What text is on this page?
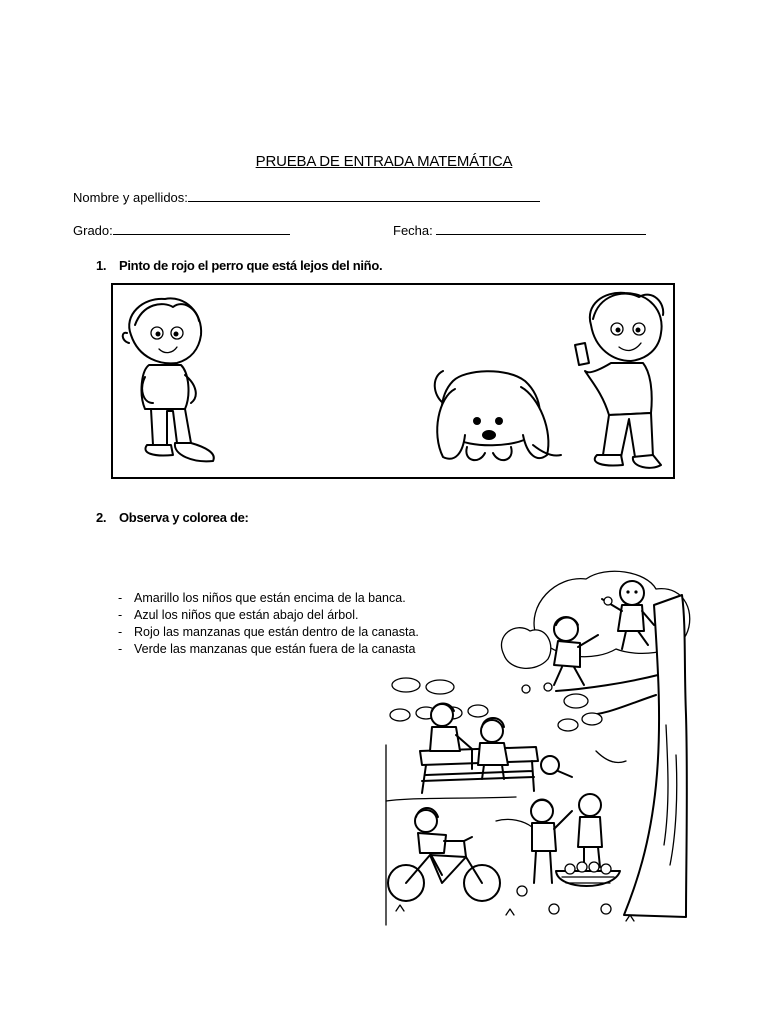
PRUEBA DE ENTRADA MATEMÁTICA
Nombre y apellidos:
Grado:	Fecha:
1. Pinto de rojo el perro que está lejos del niño.
2. Observa y colorea de:
- Amarillo los niños que están encima de la banca.
- Azul los niños que están abajo del árbol.
- Rojo las manzanas que están dentro de la canasta.
- Verde las manzanas que están fuera de la canasta
